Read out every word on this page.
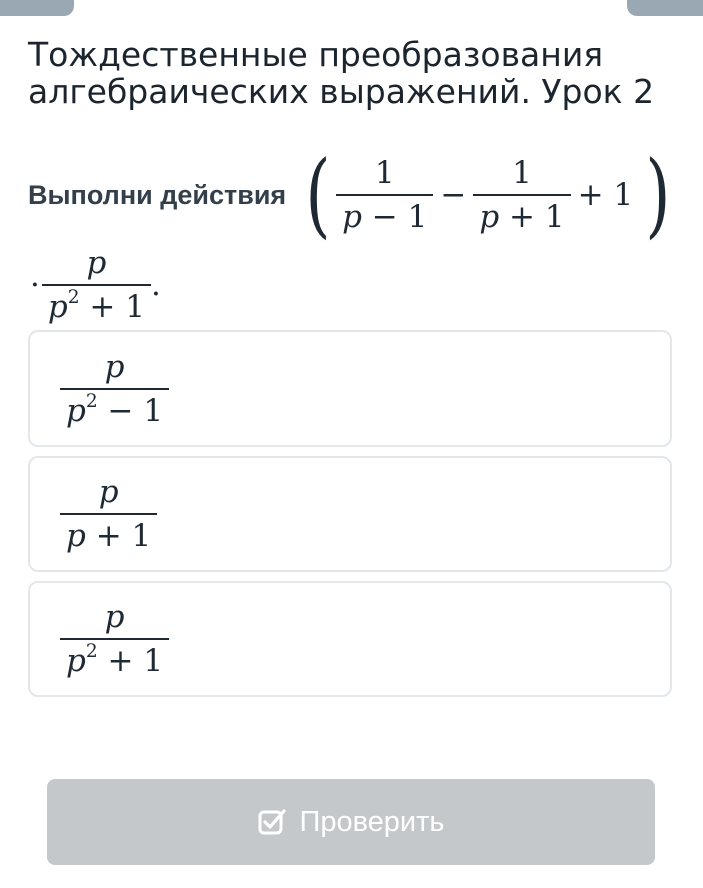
Тождественные преобразования алгебраических выражений. Урок 2
Выполни действия ( $\frac{1}{p - 1} - \frac{1}{p + 1} + 1$ )
· $\frac{p}{p^2 + 1}$ .
$\frac{p}{p^2 - 1}$
$\frac{p}{p + 1}$
$\frac{p}{p^2 + 1}$
Проверить
